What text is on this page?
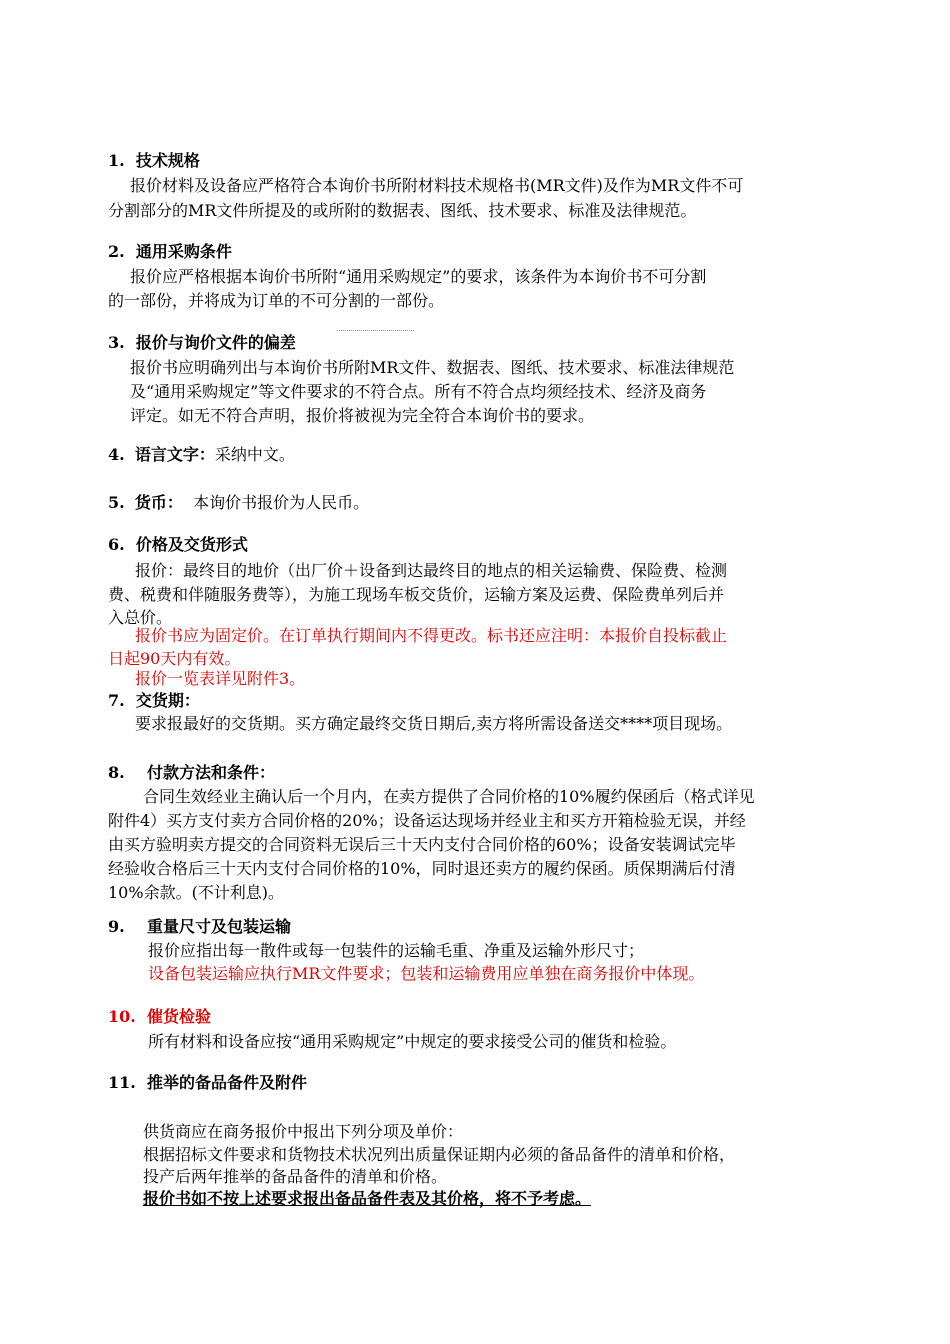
1. 技术规格
报价材料及设备应严格符合本询价书所附材料技术规格书(MR文件)及作为MR文件不可
分割部分的MR文件所提及的或所附的数据表、图纸、技术要求、标准及法律规范。
2. 通用采购条件
报价应严格根据本询价书所附“通用采购规定”的要求，该条件为本询价书不可分割
的一部份，并将成为订单的不可分割的一部份。
3. 报价与询价文件的偏差
报价书应明确列出与本询价书所附MR文件、数据表、图纸、技术要求、标准法律规范
及“通用采购规定”等文件要求的不符合点。所有不符合点均须经技术、经济及商务
评定。如无不符合声明，报价将被视为完全符合本询价书的要求。
4. 语言文字：采纳中文。
5. 货币： 本询价书报价为人民币。
6. 价格及交货形式
报价：最终目的地价（出厂价＋设备到达最终目的地点的相关运输费、保险费、检测
费、税费和伴随服务费等），为施工现场车板交货价，运输方案及运费、保险费单列后并
入总价。
报价书应为固定价。在订单执行期间内不得更改。标书还应注明：本报价自投标截止
日起90天内有效。
报价一览表详见附件3。
7. 交货期：
要求报最好的交货期。买方确定最终交货日期后,卖方将所需设备送交****项目现场。
8. 付款方法和条件：
合同生效经业主确认后一个月内，在卖方提供了合同价格的10%履约保函后（格式详见
附件4）买方支付卖方合同价格的20%；设备运达现场并经业主和买方开箱检验无误，并经
由买方验明卖方提交的合同资料无误后三十天内支付合同价格的60%；设备安装调试完毕
经验收合格后三十天内支付合同价格的10%，同时退还卖方的履约保函。质保期满后付清
10%余款。(不计利息)。
9. 重量尺寸及包装运输
报价应指出每一散件或每一包装件的运输毛重、净重及运输外形尺寸；
设备包装运输应执行MR文件要求；包装和运输费用应单独在商务报价中体现。
10. 催货检验
所有材料和设备应按“通用采购规定”中规定的要求接受公司的催货和检验。
11. 推举的备品备件及附件
供货商应在商务报价中报出下列分项及单价：
根据招标文件要求和货物技术状况列出质量保证期内必须的备品备件的清单和价格，
投产后两年推举的备品备件的清单和价格。
报价书如不按上述要求报出备品备件表及其价格，将不予考虑。
